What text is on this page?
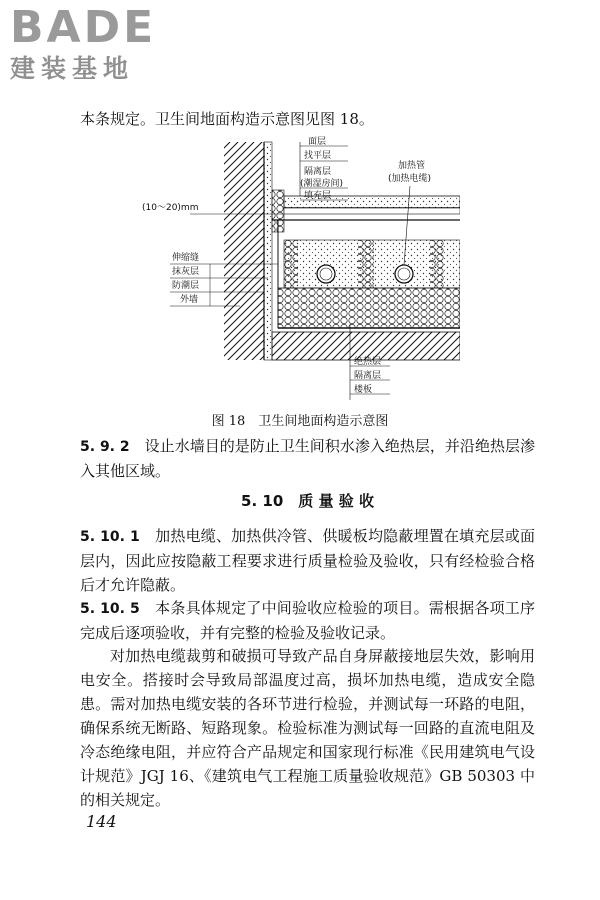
BADE
建装基地
本条规定。卫生间地面构造示意图见图 18。
面层
找平层
隔离层
(潮湿房间)
填充层
加热管
(加热电缆)
(10～20)mm
伸缩缝
抹灰层
防潮层
外墙
绝热层
隔离层
楼板
图 18　卫生间地面构造示意图

5. 9. 2　 设止水墙目的是防止卫生间积水渗入绝热层，并沿绝热层渗入其他区域。

5. 10　质 量 验 收

5. 10. 1　 加热电缆、加热供冷管、供暖板均隐蔽埋置在填充层或面层内，因此应按隐蔽工程要求进行质量检验及验收，只有经检验合格后才允许隐蔽。

5. 10. 5　 本条具体规定了中间验收应检验的项目。需根据各项工序完成后逐项验收，并有完整的检验及验收记录。

对加热电缆裁剪和破损可导致产品自身屏蔽接地层失效，影响用电安全。搭接时会导致局部温度过高，损坏加热电缆，造成安全隐患。需对加热电缆安装的各环节进行检验，并测试每一环路的电阻，确保系统无断路、短路现象。检验标准为测试每一回路的直流电阻及冷态绝缘电阻，并应符合产品规定和国家现行标准《民用建筑电气设计规范》JGJ 16、《建筑电气工程施工质量验收规范》GB 50303 中的相关规定。

144
